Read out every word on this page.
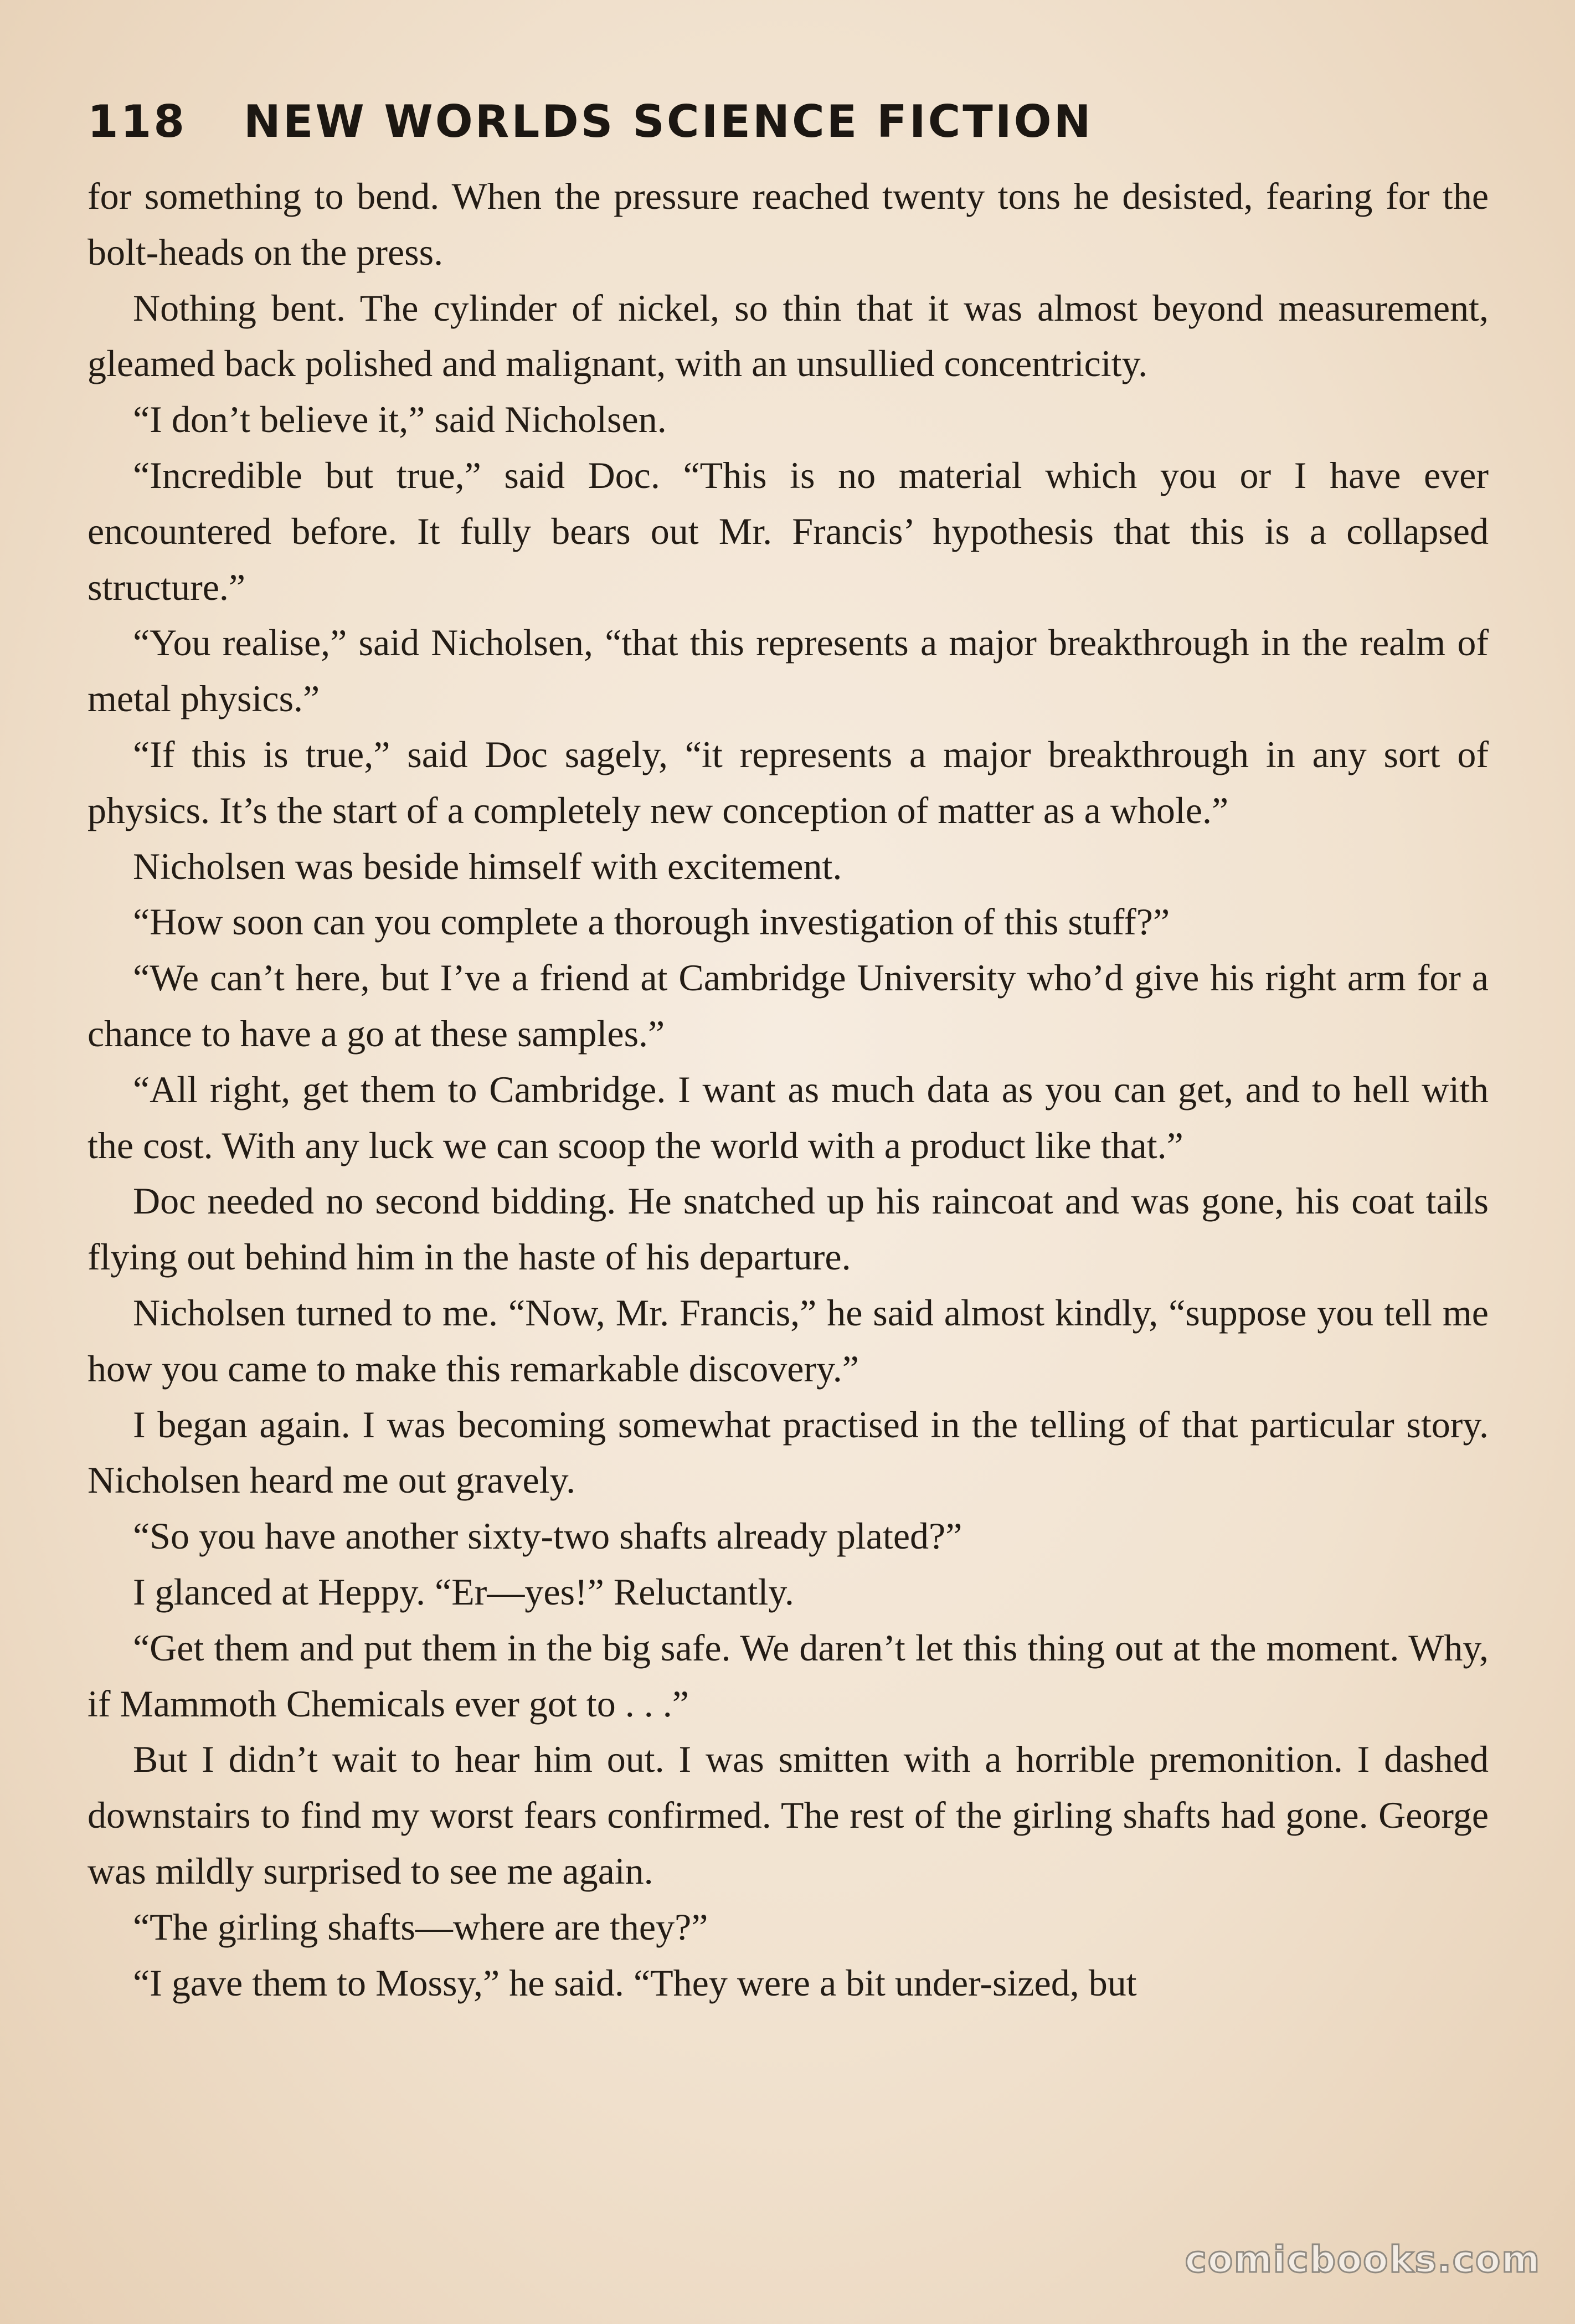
118 NEW WORLDS SCIENCE FICTION

for something to bend. When the pressure reached twenty tons he desisted, fearing for the bolt-heads on the press.

Nothing bent. The cylinder of nickel, so thin that it was almost beyond measurement, gleamed back polished and malignant, with an unsullied concentricity.

“I don’t believe it,” said Nicholsen.

“Incredible but true,” said Doc. “This is no material which you or I have ever encountered before. It fully bears out Mr. Francis’ hypothesis that this is a collapsed structure.”

“You realise,” said Nicholsen, “that this represents a major breakthrough in the realm of metal physics.”

“If this is true,” said Doc sagely, “it represents a major breakthrough in any sort of physics. It’s the start of a completely new conception of matter as a whole.”

Nicholsen was beside himself with excitement.

“How soon can you complete a thorough investigation of this stuff?”

“We can’t here, but I’ve a friend at Cambridge University who’d give his right arm for a chance to have a go at these samples.”

“All right, get them to Cambridge. I want as much data as you can get, and to hell with the cost. With any luck we can scoop the world with a product like that.”

Doc needed no second bidding. He snatched up his raincoat and was gone, his coat tails flying out behind him in the haste of his departure.

Nicholsen turned to me. “Now, Mr. Francis,” he said almost kindly, “suppose you tell me how you came to make this remarkable discovery.”

I began again. I was becoming somewhat practised in the telling of that particular story. Nicholsen heard me out gravely.

“So you have another sixty-two shafts already plated?”

I glanced at Heppy. “Er—yes!” Reluctantly.

“Get them and put them in the big safe. We daren’t let this thing out at the moment. Why, if Mammoth Chemicals ever got to . . .”

But I didn’t wait to hear him out. I was smitten with a horrible premonition. I dashed downstairs to find my worst fears confirmed. The rest of the girling shafts had gone. George was mildly surprised to see me again.

“The girling shafts—where are they?”

“I gave them to Mossy,” he said. “They were a bit under-sized, but

comicbooks.com
